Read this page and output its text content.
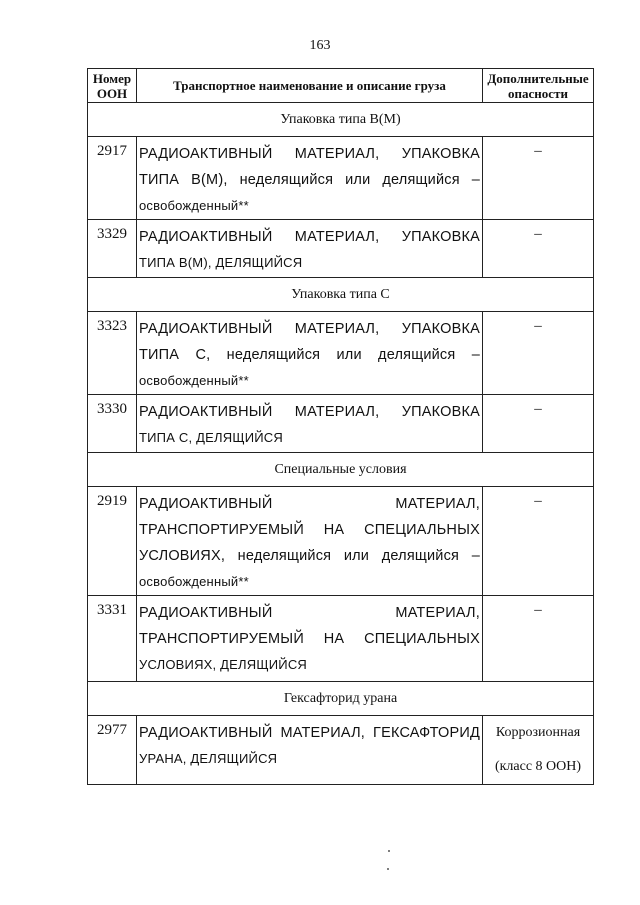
163
Номер ООН	Транспортное наименование и описание груза	Дополнительные опасности
Упаковка типа B(M)		
2917	РАДИОАКТИВНЫЙ МАТЕРИАЛ, УПАКОВКА
ТИПА B(M), неделящийся или делящийся –
освобожденный**	–
3329	РАДИОАКТИВНЫЙ МАТЕРИАЛ, УПАКОВКА
ТИПА B(M), ДЕЛЯЩИЙСЯ	–
Упаковка типа C		
3323	РАДИОАКТИВНЫЙ МАТЕРИАЛ, УПАКОВКА
ТИПА C, неделящийся или делящийся –
освобожденный**	–
3330	РАДИОАКТИВНЫЙ МАТЕРИАЛ, УПАКОВКА
ТИПА C, ДЕЛЯЩИЙСЯ	–
Специальные условия		
2919	РАДИОАКТИВНЫЙ МАТЕРИАЛ,
ТРАНСПОРТИРУЕМЫЙ НА СПЕЦИАЛЬНЫХ
УСЛОВИЯХ, неделящийся или делящийся –
освобожденный**	–
3331	РАДИОАКТИВНЫЙ МАТЕРИАЛ,
ТРАНСПОРТИРУЕМЫЙ НА СПЕЦИАЛЬНЫХ
УСЛОВИЯХ, ДЕЛЯЩИЙСЯ	–
Гексафторид урана		
2977	РАДИОАКТИВНЫЙ МАТЕРИАЛ, ГЕКСАФТОРИД
УРАНА, ДЕЛЯЩИЙСЯ	Коррозионная
(класс 8 ООН)
